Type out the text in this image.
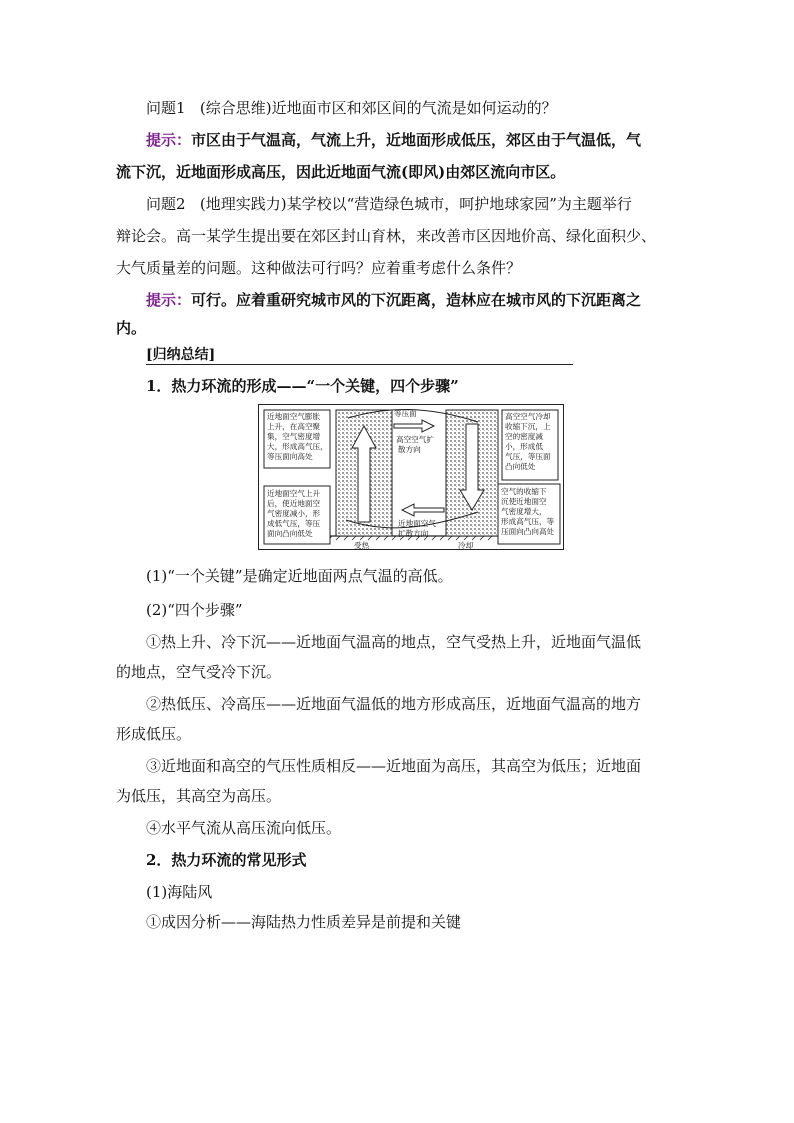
问题1 (综合思维)近地面市区和郊区间的气流是如何运动的？
提示：市区由于气温高，气流上升，近地面形成低压，郊区由于气温低，气
流下沉，近地面形成高压，因此近地面气流(即风)由郊区流向市区。
问题2 (地理实践力)某学校以“营造绿色城市，呵护地球家园”为主题举行
辩论会。高一某学生提出要在郊区封山育林，来改善市区因地价高、绿化面积少、
大气质量差的问题。这种做法可行吗？应着重考虑什么条件？
提示：可行。应着重研究城市风的下沉距离，造林应在城市风的下沉距离之
内。
[归纳总结]
1．热力环流的形成——“一个关键，四个步骤”
近地面空气膨胀
上升，在高空聚
集，空气密度增
大，形成高气压，
等压面向高处
近地面空气上升
后，使近地面空
气密度减小，形
成低气压，等压
面向凸向低处
高空空气冷却
收缩下沉，上
空的密度减
小，形成低
气压，等压面
凸向低处
空气的收缩下
沉使近地面空
气密度增大，
形成高气压，等
压面向凸向高处
等压面
高空空气扩
散方向
近地面空气
扩散方向
受热	冷却
(1)“一个关键”是确定近地面两点气温的高低。
(2)“四个步骤”
①热上升、冷下沉——近地面气温高的地点，空气受热上升，近地面气温低
的地点，空气受冷下沉。
②热低压、冷高压——近地面气温低的地方形成高压，近地面气温高的地方
形成低压。
③近地面和高空的气压性质相反——近地面为高压，其高空为低压；近地面
为低压，其高空为高压。
④水平气流从高压流向低压。
2．热力环流的常见形式
(1)海陆风
①成因分析——海陆热力性质差异是前提和关键
